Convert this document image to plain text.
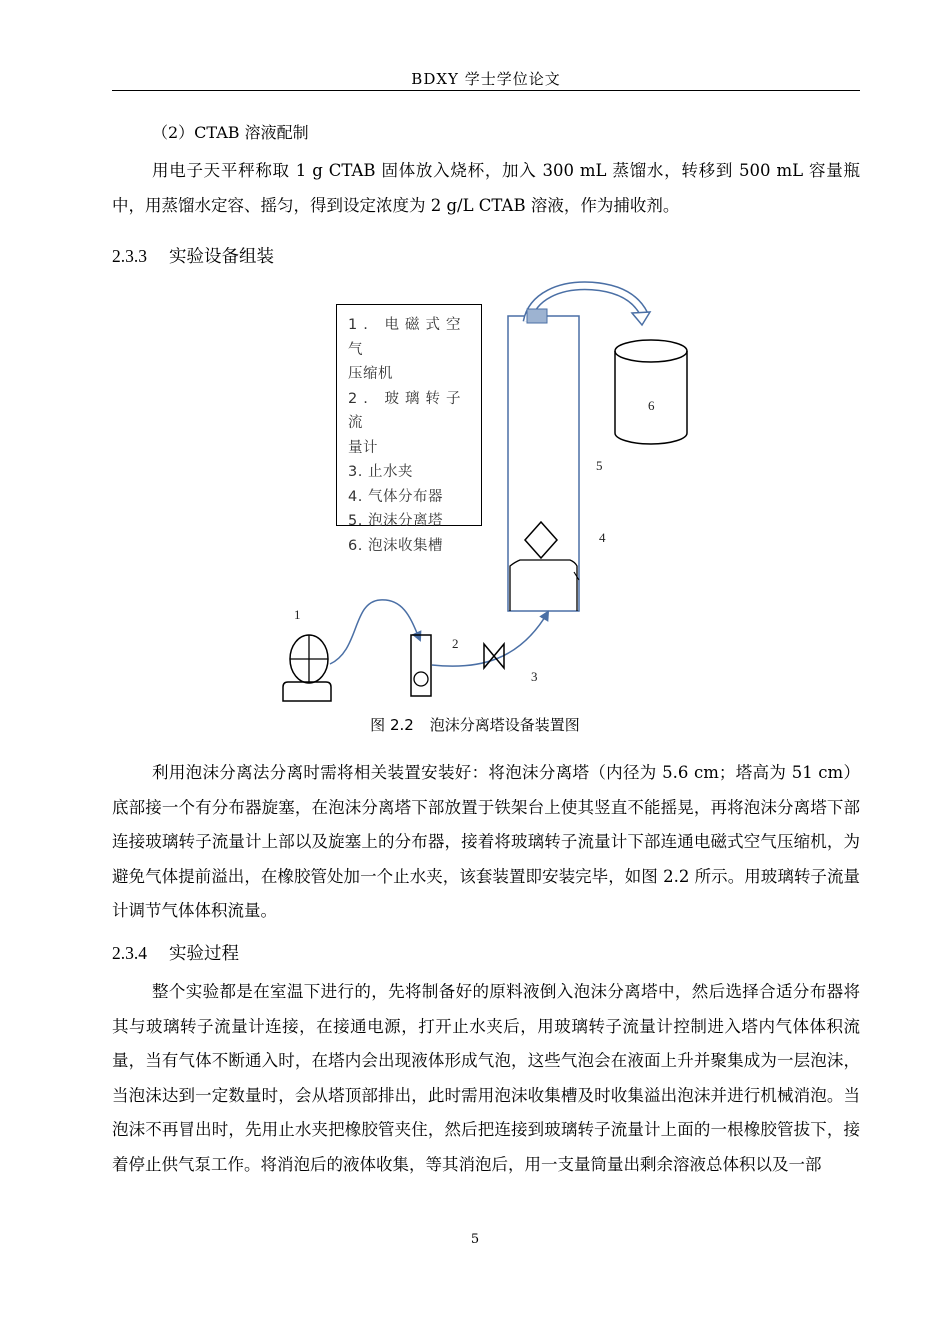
BDXY 学士学位论文
（2）CTAB 溶液配制

用电子天平秤称取 1 g CTAB 固体放入烧杯，加入 300 mL 蒸馏水，转移到 500 mL 容量瓶中，用蒸馏水定容、摇匀，得到设定浓度为 2 g/L CTAB 溶液，作为捕收剂。

2.3.3 实验设备组装
1. 电磁式空气
压缩机
2. 玻璃转子流
量计
3. 止水夹
4. 气体分布器
5. 泡沫分离塔
6. 泡沫收集槽
1
2
3
4
5
6
图 2.2 泡沫分离塔设备装置图

利用泡沫分离法分离时需将相关装置安装好：将泡沫分离塔（内径为 5.6 cm；塔高为 51 cm）底部接一个有分布器旋塞，在泡沫分离塔下部放置于铁架台上使其竖直不能摇晃，再将泡沫分离塔下部连接玻璃转子流量计上部以及旋塞上的分布器，接着将玻璃转子流量计下部连通电磁式空气压缩机，为避免气体提前溢出，在橡胶管处加一个止水夹，该套装置即安装完毕，如图 2.2 所示。用玻璃转子流量计调节气体体积流量。

2.3.4 实验过程

整个实验都是在室温下进行的，先将制备好的原料液倒入泡沫分离塔中，然后选择合适分布器将其与玻璃转子流量计连接，在接通电源，打开止水夹后，用玻璃转子流量计控制进入塔内气体体积流量，当有气体不断通入时，在塔内会出现液体形成气泡，这些气泡会在液面上升并聚集成为一层泡沫，当泡沫达到一定数量时，会从塔顶部排出，此时需用泡沫收集槽及时收集溢出泡沫并进行机械消泡。当泡沫不再冒出时，先用止水夹把橡胶管夹住，然后把连接到玻璃转子流量计上面的一根橡胶管拔下，接着停止供气泵工作。将消泡后的液体收集，等其消泡后，用一支量筒量出剩余溶液总体积以及一部

5
